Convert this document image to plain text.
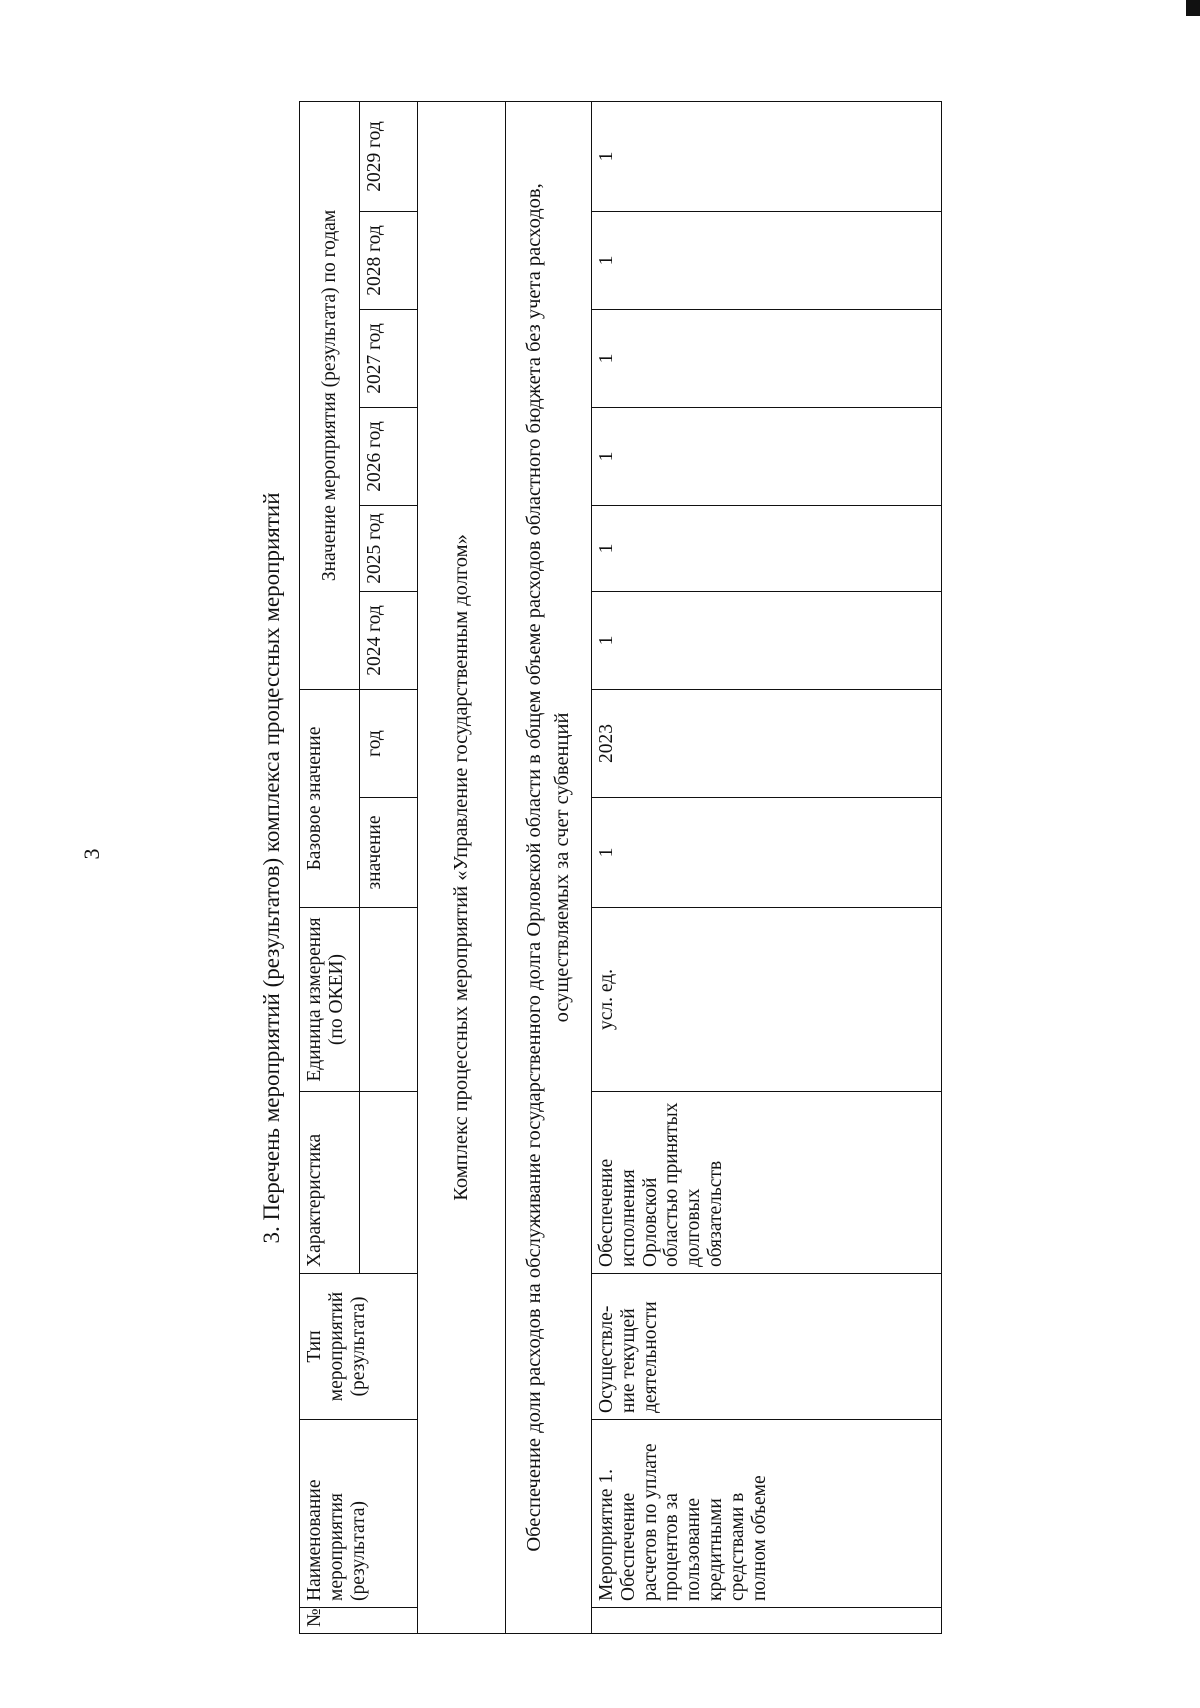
3	3. Перечень мероприятий (результатов) комплекса процессных мероприятий
№	Наименование мероприятия (результата)	Тип мероприятий (результата)	Характеристика	Единица измерения (по ОКЕИ)	Базовое значение		Значение мероприятия (результата) по годам					
					значение	год	2024 год	2025 год	2026 год	2027 год	2028 год	2029 год
Комплекс процессных мероприятий «Управление государственным долгом»												
Обеспечение доли расходов на обслуживание государственного долга Орловской области в общем объеме расходов областного бюджета без учета расходов, осуществляемых за счет субвенций												
	Мероприятие 1. Обеспечение расчетов по уплате процентов за пользование кредитными средствами в полном объеме	Осуществле-ние текущей деятельности	Обеспечение исполнения Орловской областью принятых долговых обязательств	усл. ед.	1	2023	1	1	1	1	1	1
